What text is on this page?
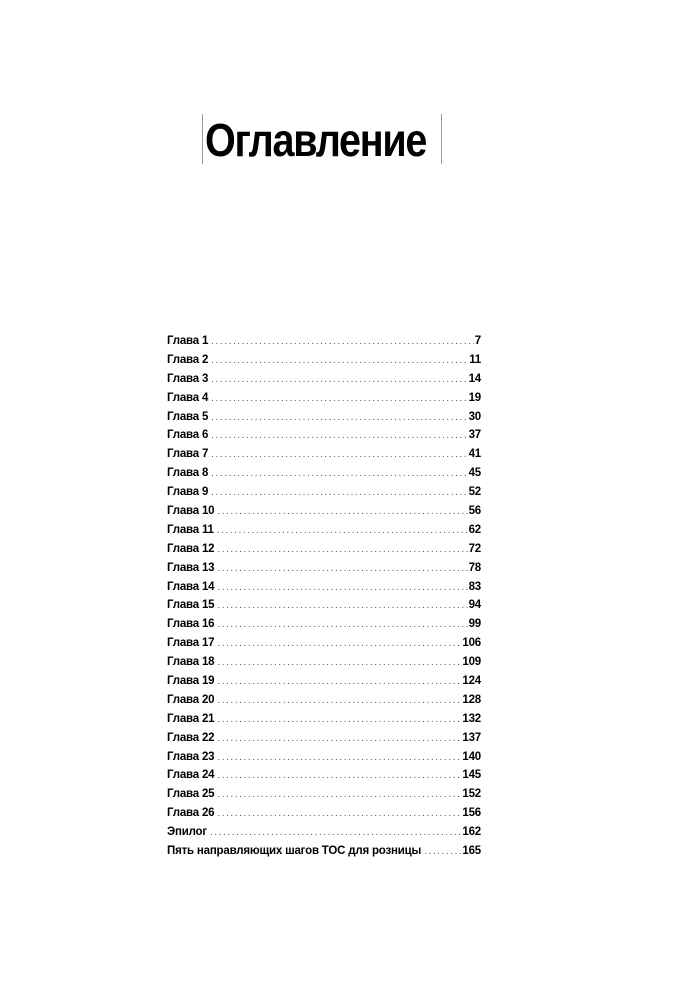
Оглавление
Глава 1 . . .	7
Глава 2 . . .	11
Глава 3 . . .	14
Глава 4 . . .	19
Глава 5 . . .	30
Глава 6 . . .	37
Глава 7 . . .	41
Глава 8 . . .	45
Глава 9 . . .	52
Глава 10 . . .	56
Глава 11 . . .	62
Глава 12 . . .	72
Глава 13 . . .	78
Глава 14 . . .	83
Глава 15 . . .	94
Глава 16 . . .	99
Глава 17 . . .	106
Глава 18 . . .	109
Глава 19 . . .	124
Глава 20 . . .	128
Глава 21 . . .	132
Глава 22 . . .	137
Глава 23 . . .	140
Глава 24 . . .	145
Глава 25 . . .	152
Глава 26 . . .	156
Эпилог . . .	162
Пять направляющих шагов TOC для розницы . . .	165
